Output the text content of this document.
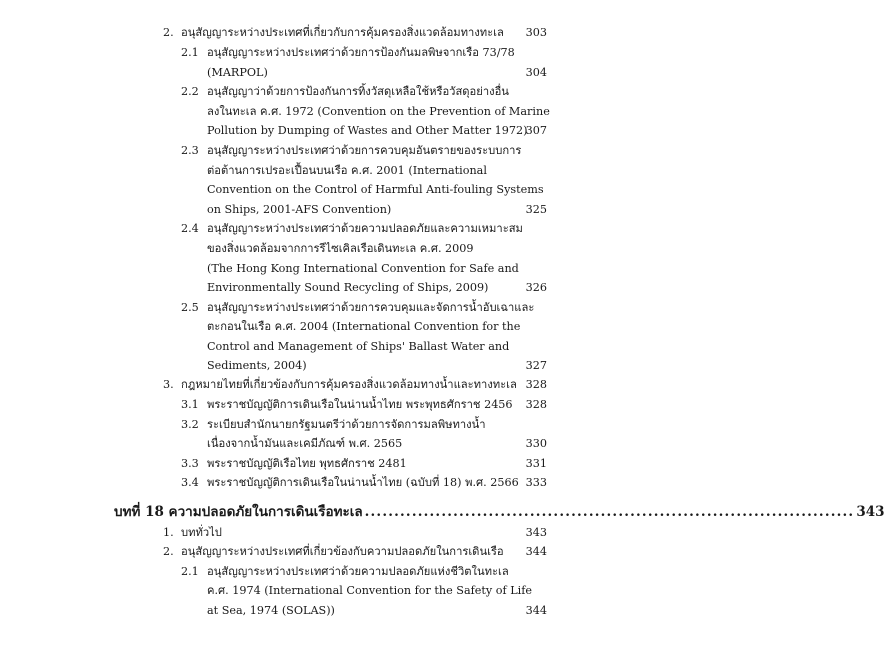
2. อนุสัญญาระหว่างประเทศที่เกี่ยวกับการคุ้มครองสิ่งแวดล้อมทางทะเล 303
2.1 อนุสัญญาระหว่างประเทศว่าด้วยการป้องกันมลพิษจากเรือ 73/78
(MARPOL)	304
2.2 อนุสัญญาว่าด้วยการป้องกันการทิ้งวัสดุเหลือใช้หรือวัสดุอย่างอื่น
ลงในทะเล ค.ศ. 1972 (Convention on the Prevention of Marine
Pollution by Dumping of Wastes and Other Matter 1972)
307
2.3 อนุสัญญาระหว่างประเทศว่าด้วยการควบคุมอันตรายของระบบการ
ต่อต้านการเปรอะเปื้อนบนเรือ ค.ศ. 2001 (International
Convention on the Control of Harmful Anti-fouling Systems
on Ships, 2001-AFS Convention)	325
2.4 อนุสัญญาระหว่างประเทศว่าด้วยความปลอดภัยและความเหมาะสม
ของสิ่งแวดล้อมจากการรีไซเคิลเรือเดินทะเล ค.ศ. 2009
(The Hong Kong International Convention for Safe and
Environmentally Sound Recycling of Ships, 2009)	326
2.5 อนุสัญญาระหว่างประเทศว่าด้วยการควบคุมและจัดการน้ำอับเฉาและ
ตะกอนในเรือ ค.ศ. 2004 (International Convention for the
Control and Management of Ships' Ballast Water and
Sediments, 2004)	327
3. กฎหมายไทยที่เกี่ยวข้องกับการคุ้มครองสิ่งแวดล้อมทางน้ำและทางทะเล 328
3.1 พระราชบัญญัติการเดินเรือในน่านน้ำไทย พระพุทธศักราช 2456 328
3.2 ระเบียบสำนักนายกรัฐมนตรีว่าด้วยการจัดการมลพิษทางน้ำ
เนื่องจากน้ำมันและเคมีภัณฑ์ พ.ศ. 2565	330
3.3 พระราชบัญญัติเรือไทย พุทธศักราช 2481	331
3.4 พระราชบัญญัติการเดินเรือในน่านน้ำไทย (ฉบับที่ 18) พ.ศ. 2566 333
บทที่ 18 ความปลอดภัยในการเดินเรือทะเล ................................................................................... 343
1. บททั่วไป	343
2. อนุสัญญาระหว่างประเทศที่เกี่ยวข้องกับความปลอดภัยในการเดินเรือ 344
2.1 อนุสัญญาระหว่างประเทศว่าด้วยความปลอดภัยแห่งชีวิตในทะเล
ค.ศ. 1974 (International Convention for the Safety of Life
at Sea, 1974 (SOLAS))	344
